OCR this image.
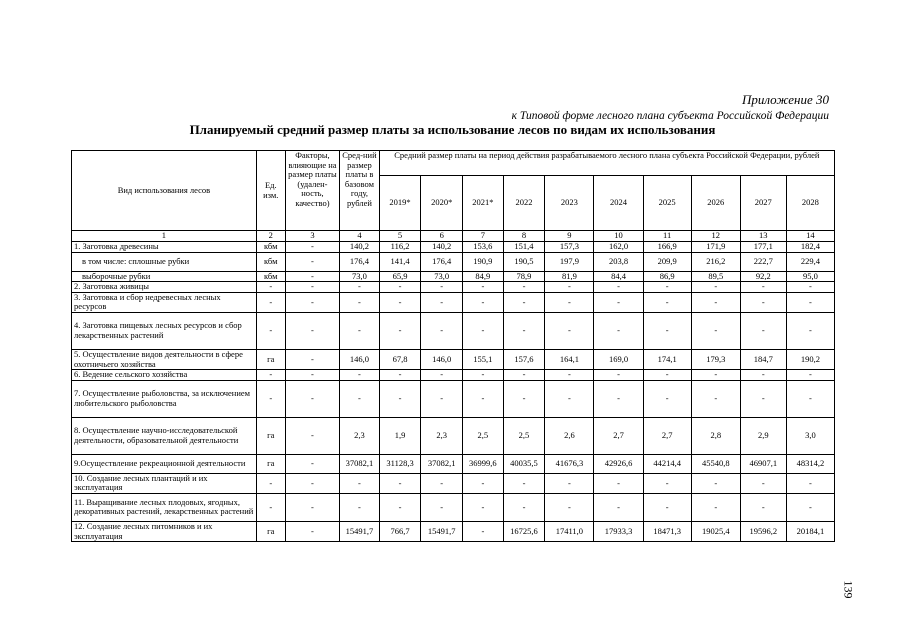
Приложение 30
к Типовой форме лесного плана субъекта Российской Федерации
Планируемый средний размер платы за использование лесов по видам их использования
Вид использования лесов	Ед. изм.	Факторы, влияющие на размер платы (удален-ность, качество)	Сред-ний размер платы в базовом году, рублей	Средний размер платы на период действия разрабатываемого лесного плана субъекта Российской Федерации, рублей									
				2019*	2020*	2021*	2022	2023	2024	2025	2026	2027	2028
1	2	3	4	5	6	7	8	9	10	11	12	13	14
1. Заготовка древесины	кбм	-	140,2	116,2	140,2	153,6	151,4	157,3	162,0	166,9	171,9	177,1	182,4
в том числе: сплошные рубки	кбм	-	176,4	141,4	176,4	190,9	190,5	197,9	203,8	209,9	216,2	222,7	229,4
выборочные рубки	кбм	-	73,0	65,9	73,0	84,9	78,9	81,9	84,4	86,9	89,5	92,2	95,0
2. Заготовка живицы	-	-	-	-	-	-	-	-	-	-	-	-	-
3. Заготовка и сбор недревесных лесных ресурсов	-	-	-	-	-	-	-	-	-	-	-	-	-
4. Заготовка пищевых лесных ресурсов и сбор лекарственных растений	-	-	-	-	-	-	-	-	-	-	-	-	-
5. Осуществление видов деятельности в сфере охотничьего хозяйства	га	-	146,0	67,8	146,0	155,1	157,6	164,1	169,0	174,1	179,3	184,7	190,2
6. Ведение сельского хозяйства	-	-	-	-	-	-	-	-	-	-	-	-	-
7. Осуществление рыболовства, за исключением любительского рыболовства	-	-	-	-	-	-	-	-	-	-	-	-	-
8. Осуществление научно-исследовательской деятельности, образовательной деятельности	га	-	2,3	1,9	2,3	2,5	2,5	2,6	2,7	2,7	2,8	2,9	3,0
9.Осуществление рекреационной деятельности	га	-	37082,1	31128,3	37082,1	36999,6	40035,5	41676,3	42926,6	44214,4	45540,8	46907,1	48314,2
10. Создание лесных плантаций и их эксплуатация	-	-	-	-	-	-	-	-	-	-	-	-	-
11. Выращивание лесных плодовых, ягодных, декоративных растений, лекарственных растений	-	-	-	-	-	-	-	-	-	-	-	-	-
12. Создание лесных питомников и их эксплуатация	га	-	15491,7	766,7	15491,7	-	16725,6	17411,0	17933,3	18471,3	19025,4	19596,2	20184,1
139
